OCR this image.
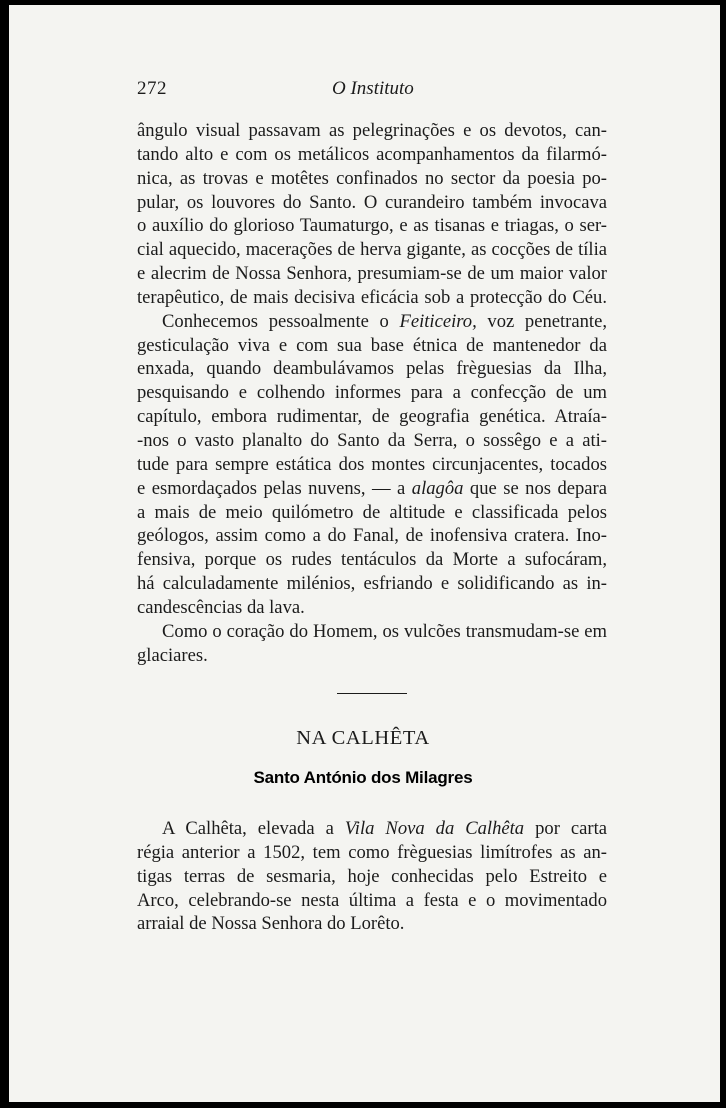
272	O Instituto
ângulo visual passavam as pelegrinações e os devotos, can-
tando alto e com os metálicos acompanhamentos da filarmó-
nica, as trovas e motêtes confinados no sector da poesia po-
pular, os louvores do Santo. O curandeiro também invocava
o auxílio do glorioso Taumaturgo, e as tisanas e triagas, o ser-
cial aquecido, macerações de herva gigante, as cocções de tília
e alecrim de Nossa Senhora, presumiam-se de um maior valor
terapêutico, de mais decisiva eficácia sob a protecção do Céu.
Conhecemos pessoalmente o Feiticeiro, voz penetrante,
gesticulação viva e com sua base étnica de mantenedor da
enxada, quando deambulávamos pelas frèguesias da Ilha,
pesquisando e colhendo informes para a confecção de um
capítulo, embora rudimentar, de geografia genética. Atraía-
-nos o vasto planalto do Santo da Serra, o sossêgo e a ati-
tude para sempre estática dos montes circunjacentes, tocados
e esmordaçados pelas nuvens, — a alagôa que se nos depara
a mais de meio quilómetro de altitude e classificada pelos
geólogos, assim como a do Fanal, de inofensiva cratera. Ino-
fensiva, porque os rudes tentáculos da Morte a sufocáram,
há calculadamente milénios, esfriando e solidificando as in-
candescências da lava.
Como o coração do Homem, os vulcões transmudam-se em
glaciares.
NA CALHÊTA
Santo António dos Milagres
A Calhêta, elevada a Vila Nova da Calhêta por carta
régia anterior a 1502, tem como frèguesias limítrofes as an-
tigas terras de sesmaria, hoje conhecidas pelo Estreito e
Arco, celebrando-se nesta última a festa e o movimentado
arraial de Nossa Senhora do Lorêto.
